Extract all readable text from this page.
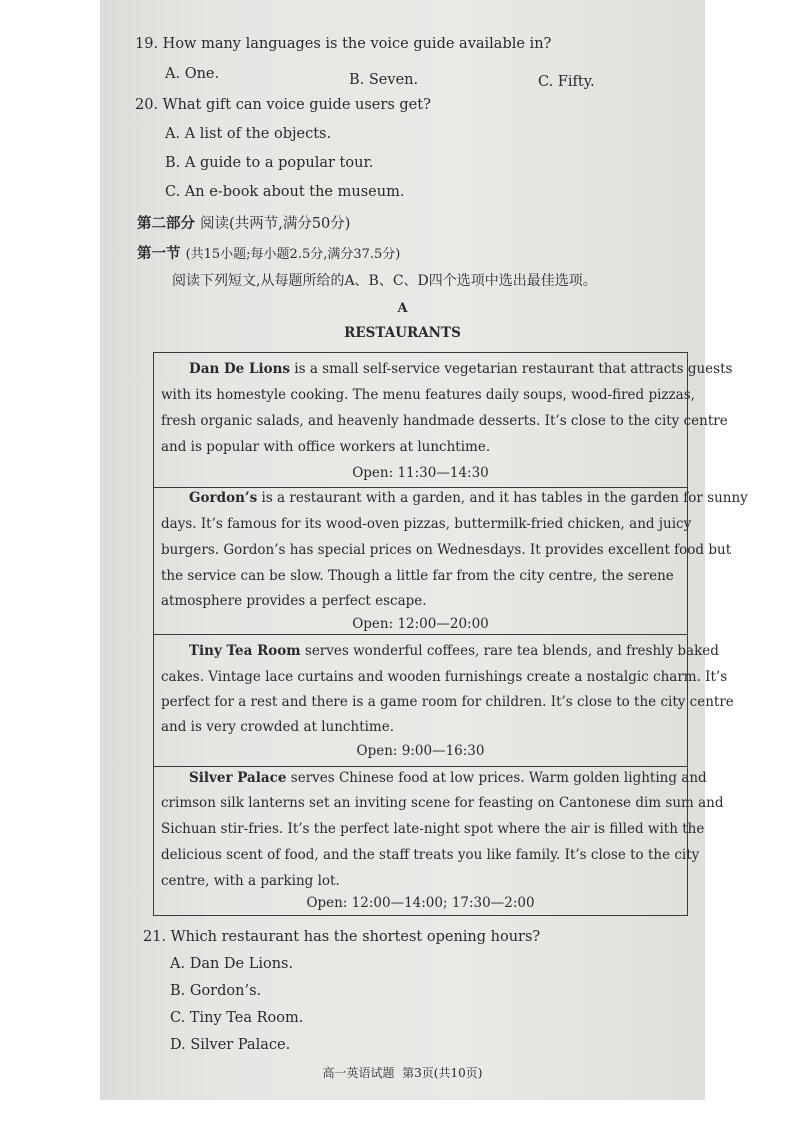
19. How many languages is the voice guide available in?
A. One.	B. Seven.	C. Fifty.
20. What gift can voice guide users get?
A. A list of the objects.
B. A guide to a popular tour.
C. An e-book about the museum.
第二部分 阅读(共两节,满分50分)
第一节 (共15小题;每小题2.5分,满分37.5分)
阅读下列短文,从每题所给的A、B、C、D四个选项中选出最佳选项。
A
RESTAURANTS
Dan De Lions is a small self-service vegetarian restaurant that attracts guests
with its homestyle cooking. The menu features daily soups, wood-fired pizzas,
fresh organic salads, and heavenly handmade desserts. It’s close to the city centre
and is popular with office workers at lunchtime.
Open: 11:30—14:30
Gordon’s is a restaurant with a garden, and it has tables in the garden for sunny
days. It’s famous for its wood-oven pizzas, buttermilk-fried chicken, and juicy
burgers. Gordon’s has special prices on Wednesdays. It provides excellent food but
the service can be slow. Though a little far from the city centre, the serene
atmosphere provides a perfect escape.
Open: 12:00—20:00
Tiny Tea Room serves wonderful coffees, rare tea blends, and freshly baked
cakes. Vintage lace curtains and wooden furnishings create a nostalgic charm. It’s
perfect for a rest and there is a game room for children. It’s close to the city centre
and is very crowded at lunchtime.
Open: 9:00—16:30
Silver Palace serves Chinese food at low prices. Warm golden lighting and
crimson silk lanterns set an inviting scene for feasting on Cantonese dim sum and
Sichuan stir-fries. It’s the perfect late-night spot where the air is filled with the
delicious scent of food, and the staff treats you like family. It’s close to the city
centre, with a parking lot.
Open: 12:00—14:00; 17:30—2:00
21. Which restaurant has the shortest opening hours?
A. Dan De Lions.
B. Gordon’s.
C. Tiny Tea Room.
D. Silver Palace.
高一英语试题  第3页(共10页)
